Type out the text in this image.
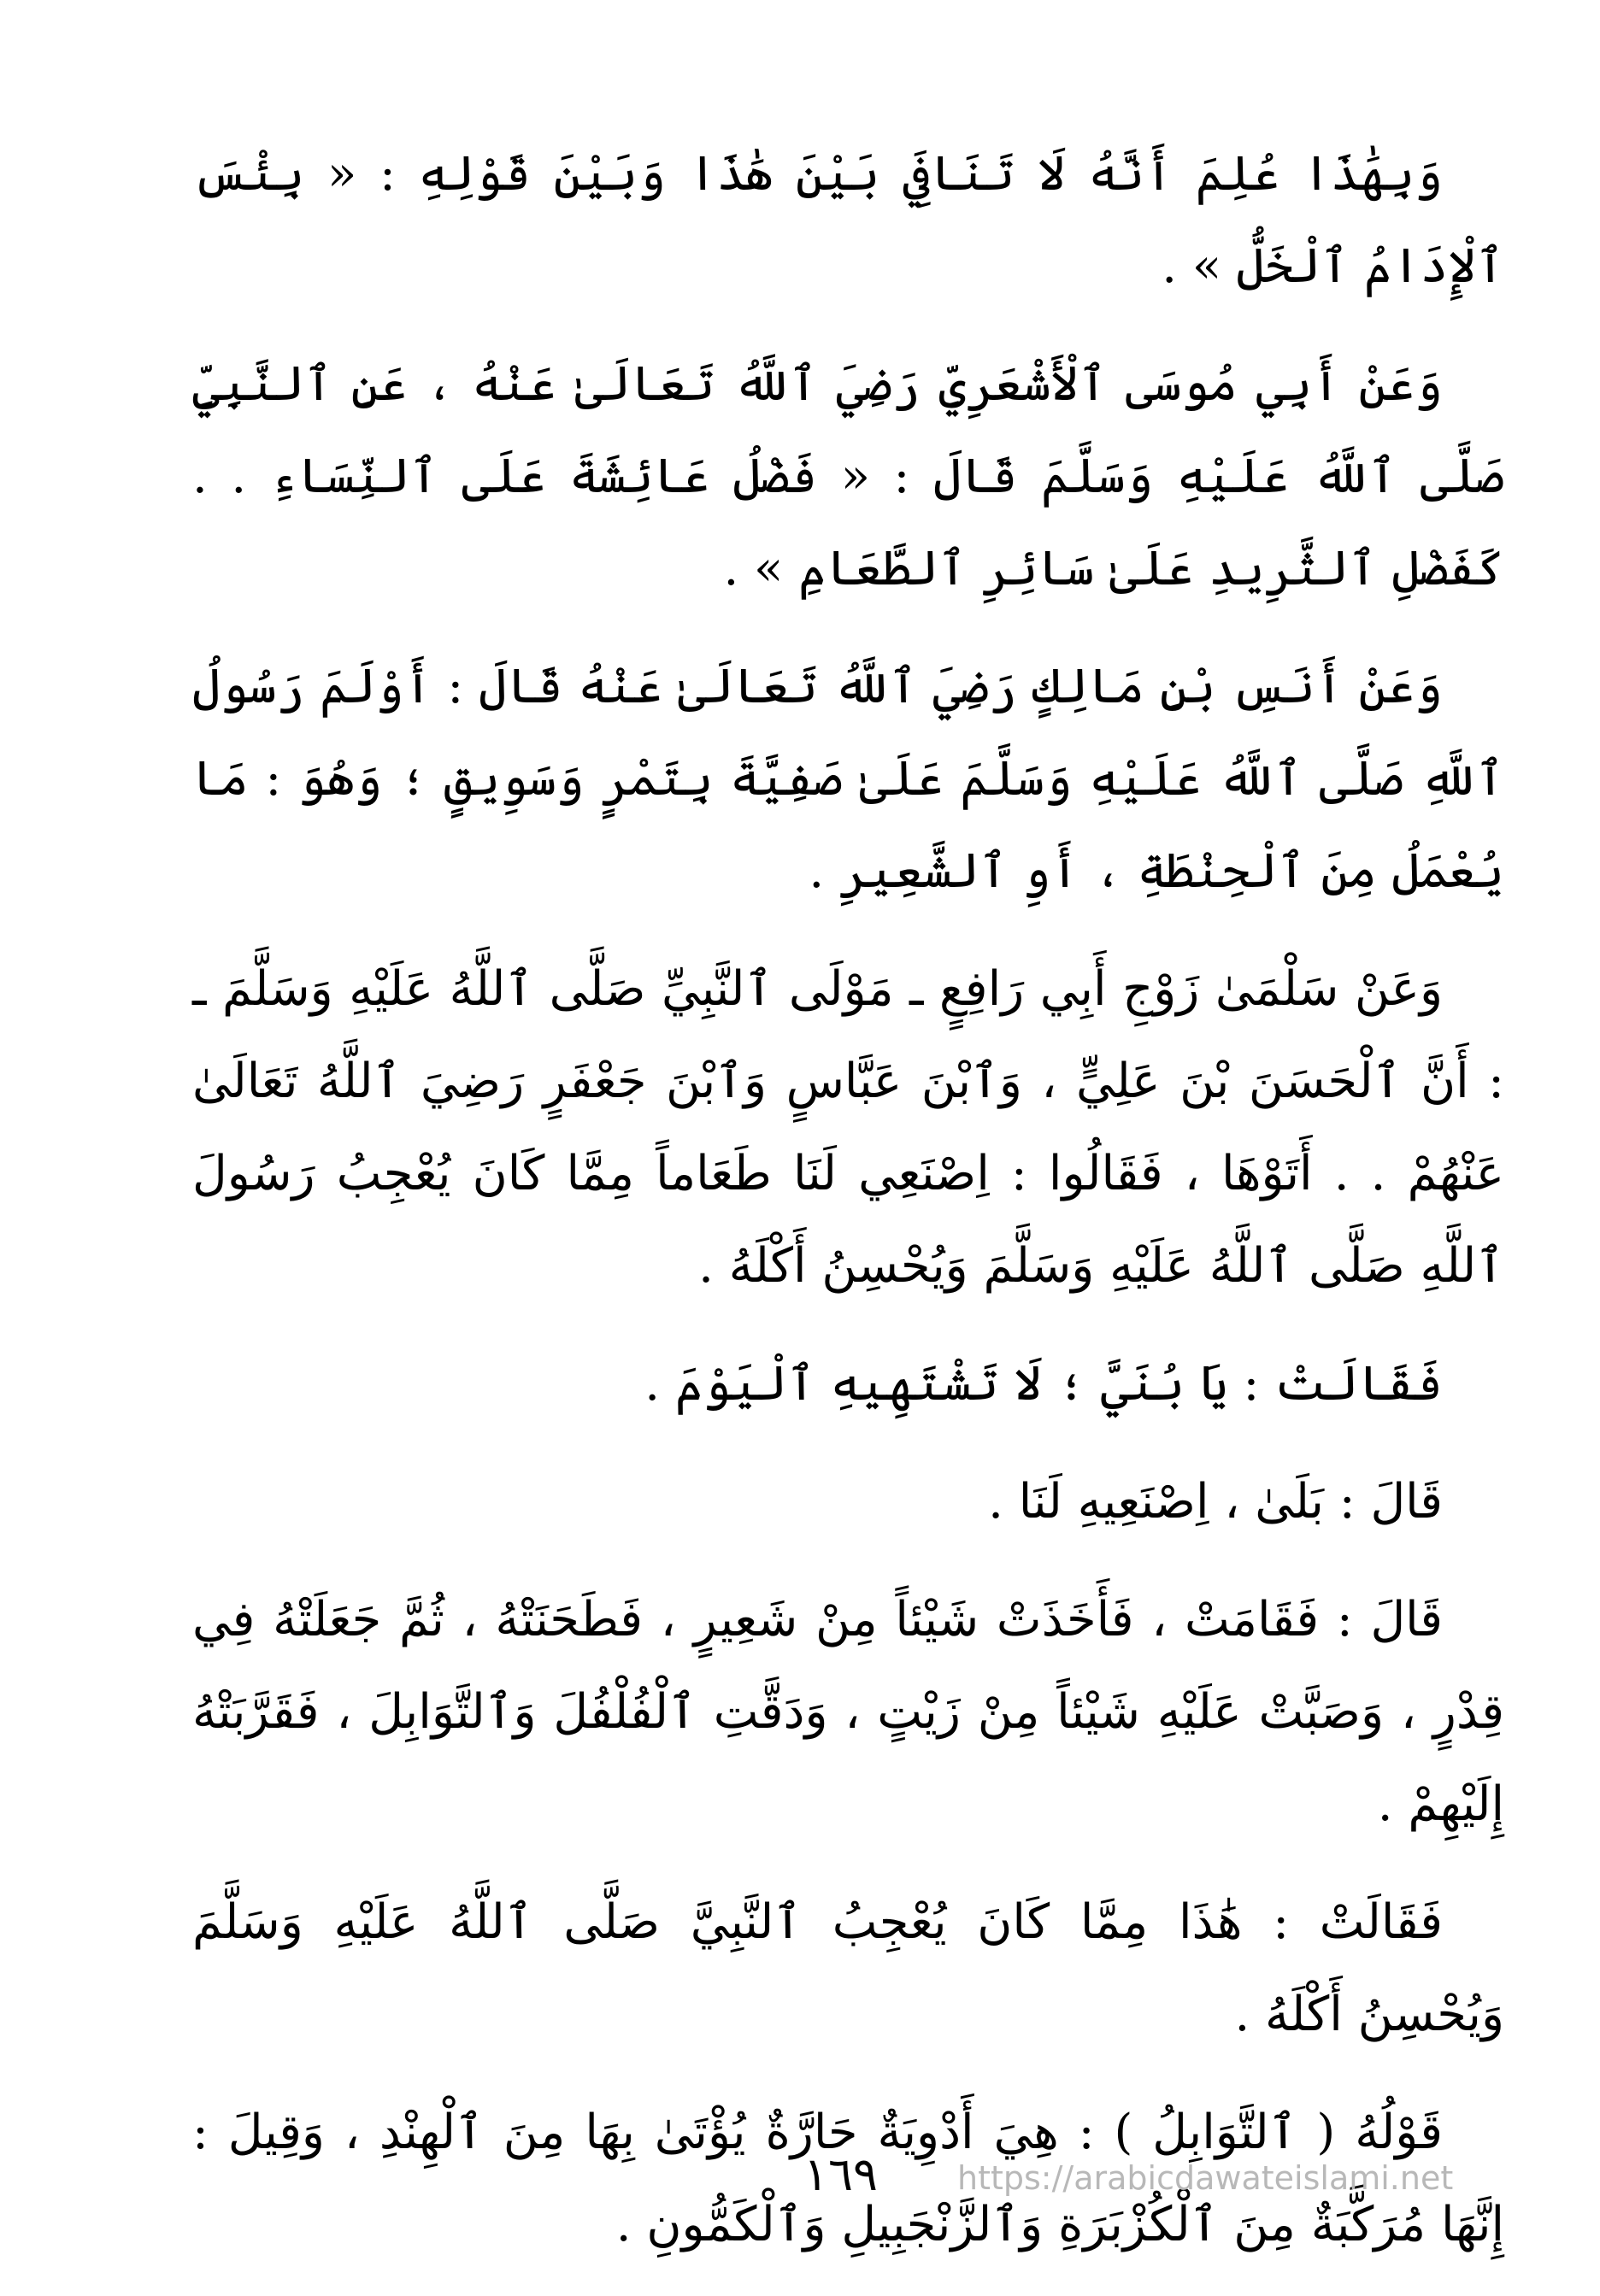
وَبِهَٰذَا عُلِمَ أَنَّهُ لَا تَنَافِيَ بَيْنَ هَٰذَا وَبَيْنَ قَوْلِهِ : « بِئْسَ ٱلْإِدَامُ ٱلْخَلُّ » .

وَعَنْ أَبِي مُوسَى ٱلْأَشْعَرِيِّ رَضِيَ ٱللَّهُ تَعَالَىٰ عَنْهُ ، عَنِ ٱلنَّبِيِّ صَلَّى ٱللَّهُ عَلَيْهِ وَسَلَّمَ قَالَ : « فَضْلُ عَائِشَةَ عَلَى ٱلنِّسَاءِ . . كَفَضْلِ ٱلثَّرِيدِ عَلَىٰ سَائِرِ ٱلطَّعَامِ » .

وَعَنْ أَنَسِ بْنِ مَالِكٍ رَضِيَ ٱللَّهُ تَعَالَىٰ عَنْهُ قَالَ : أَوْلَمَ رَسُولُ ٱللَّهِ صَلَّى ٱللَّهُ عَلَيْهِ وَسَلَّمَ عَلَىٰ صَفِيَّةَ بِتَمْرٍ وَسَوِيقٍ ؛ وَهُوَ : مَا يُعْمَلُ مِنَ ٱلْحِنْطَةِ ، أَوِ ٱلشَّعِيرِ .

وَعَنْ سَلْمَىٰ زَوْجِ أَبِي رَافِعٍ ـ مَوْلَى ٱلنَّبِيِّ صَلَّى ٱللَّهُ عَلَيْهِ وَسَلَّمَ ـ : أَنَّ ٱلْحَسَنَ بْنَ عَلِيٍّ ، وَٱبْنَ عَبَّاسٍ وَٱبْنَ جَعْفَرٍ رَضِيَ ٱللَّهُ تَعَالَىٰ عَنْهُمْ . . أَتَوْهَا ، فَقَالُوا : اِصْنَعِي لَنَا طَعَاماً مِمَّا كَانَ يُعْجِبُ رَسُولَ ٱللَّهِ صَلَّى ٱللَّهُ عَلَيْهِ وَسَلَّمَ وَيُحْسِنُ أَكْلَهُ .

فَقَالَتْ : يَا بُنَيَّ ؛ لَا تَشْتَهِيهِ ٱلْيَوْمَ .

قَالَ : بَلَىٰ ، اِصْنَعِيهِ لَنَا .

قَالَ : فَقَامَتْ ، فَأَخَذَتْ شَيْئاً مِنْ شَعِيرٍ ، فَطَحَنَتْهُ ، ثُمَّ جَعَلَتْهُ فِي قِدْرٍ ، وَصَبَّتْ عَلَيْهِ شَيْئاً مِنْ زَيْتٍ ، وَدَقَّتِ ٱلْفُلْفُلَ وَٱلتَّوَابِلَ ، فَقَرَّبَتْهُ إِلَيْهِمْ .

فَقَالَتْ : هَٰذَا مِمَّا كَانَ يُعْجِبُ ٱلنَّبِيَّ صَلَّى ٱللَّهُ عَلَيْهِ وَسَلَّمَ وَيُحْسِنُ أَكْلَهُ .

قَوْلُهُ ( ٱلتَّوَابِلُ ) : هِيَ أَدْوِيَةٌ حَارَّةٌ يُؤْتَىٰ بِهَا مِنَ ٱلْهِنْدِ ، وَقِيلَ : إِنَّهَا مُرَكَّبَةٌ مِنَ ٱلْكُزْبَرَةِ وَٱلزَّنْجَبِيلِ وَٱلْكَمُّونِ .

١٦٩ https://arabicdawateislami.net
